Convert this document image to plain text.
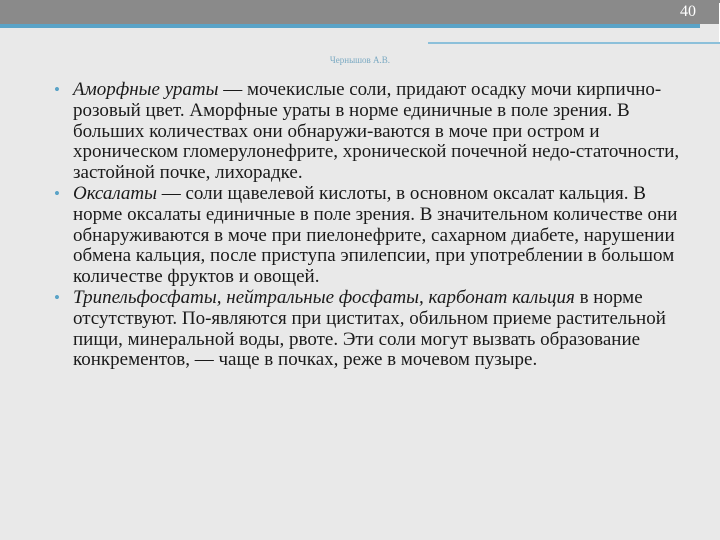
40
Чернышов А.В.
• Аморфные ураты — мочекислые соли, придают осадку мочи кирпично-розовый цвет. Аморфные ураты в норме единичные в поле зрения. В больших количествах они обнаружи-ваются в моче при остром и хроническом гломерулонефрите, хронической почечной недо-статочности, застойной почке, лихорадке.
• Оксалаты — соли щавелевой кислоты, в основном оксалат кальция. В норме оксалаты единичные в поле зрения. В значительном количестве они обнаруживаются в моче при пиелонефрите, сахарном диабете, нарушении обмена кальция, после приступа эпилепсии, при употреблении в большом количестве фруктов и овощей.
• Трипельфосфаты, нейтральные фосфаты, карбонат кальция в норме отсутствуют. По-являются при циститах, обильном приеме растительной пищи, минеральной воды, рвоте. Эти соли могут вызвать образование конкрементов, — чаще в почках, реже в мочевом пузыре.
